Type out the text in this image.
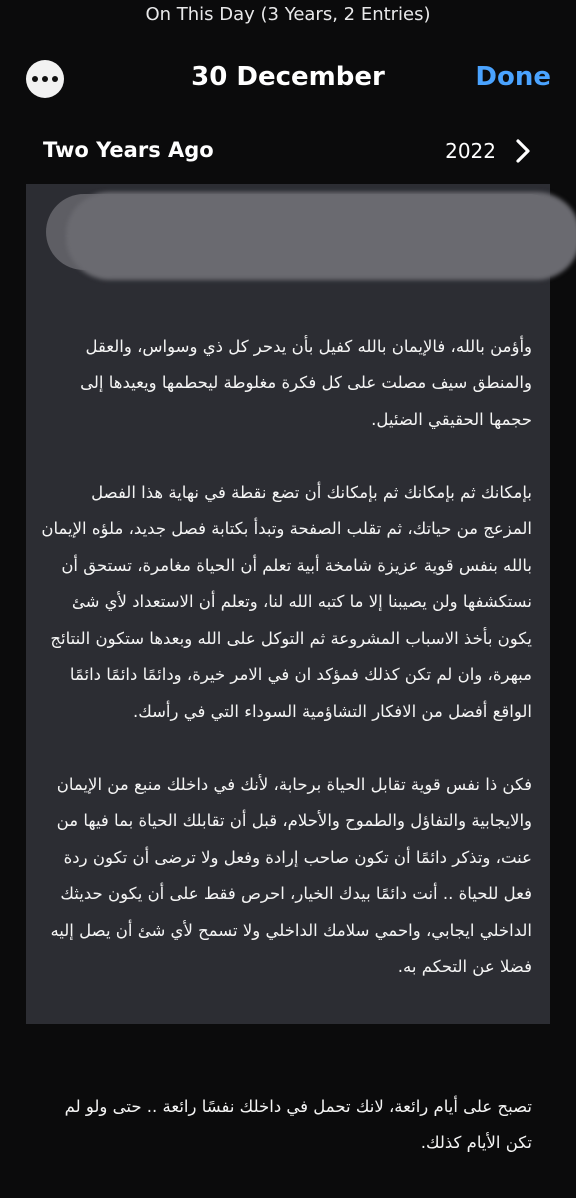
On This Day (3 Years, 2 Entries)
30 December	Done
Two Years Ago	2022

وأؤمن بالله، فالإيمان بالله كفيل بأن يدحر كل ذي وسواس، والعقل والمنطق سيف مصلت على كل فكرة مغلوطة ليحطمها ويعيدها إلى حجمها الحقيقي الضئيل.

بإمكانك ثم بإمكانك ثم بإمكانك أن تضع نقطة في نهاية هذا الفصل المزعج من حياتك، ثم تقلب الصفحة وتبدأ بكتابة فصل جديد، ملؤه الإيمان بالله بنفس قوية عزيزة شامخة أبية تعلم أن الحياة مغامرة، تستحق أن نستكشفها ولن يصيبنا إلا ما كتبه الله لنا، وتعلم أن الاستعداد لأي شئ يكون بأخذ الاسباب المشروعة ثم التوكل على الله وبعدها ستكون النتائج مبهرة، وان لم تكن كذلك فمؤكد ان في الامر خيرة، ودائمًا دائمًا دائمًا الواقع أفضل من الافكار التشاؤمية السوداء التي في رأسك.

فكن ذا نفس قوية تقابل الحياة برحابة، لأنك في داخلك منبع من الإيمان والايجابية والتفاؤل والطموح والأحلام، قبل أن تقابلك الحياة بما فيها من عنت، وتذكر دائمًا أن تكون صاحب إرادة وفعل ولا ترضى أن تكون ردة فعل للحياة .. أنت دائمًا بيدك الخيار، احرص فقط على أن يكون حديثك الداخلي ايجابي، واحمي سلامك الداخلي ولا تسمح لأي شئ أن يصل إليه فضلا عن التحكم به.

تصبح على أيام رائعة، لانك تحمل في داخلك نفسًا رائعة .. حتى ولو لم تكن الأيام كذلك.
